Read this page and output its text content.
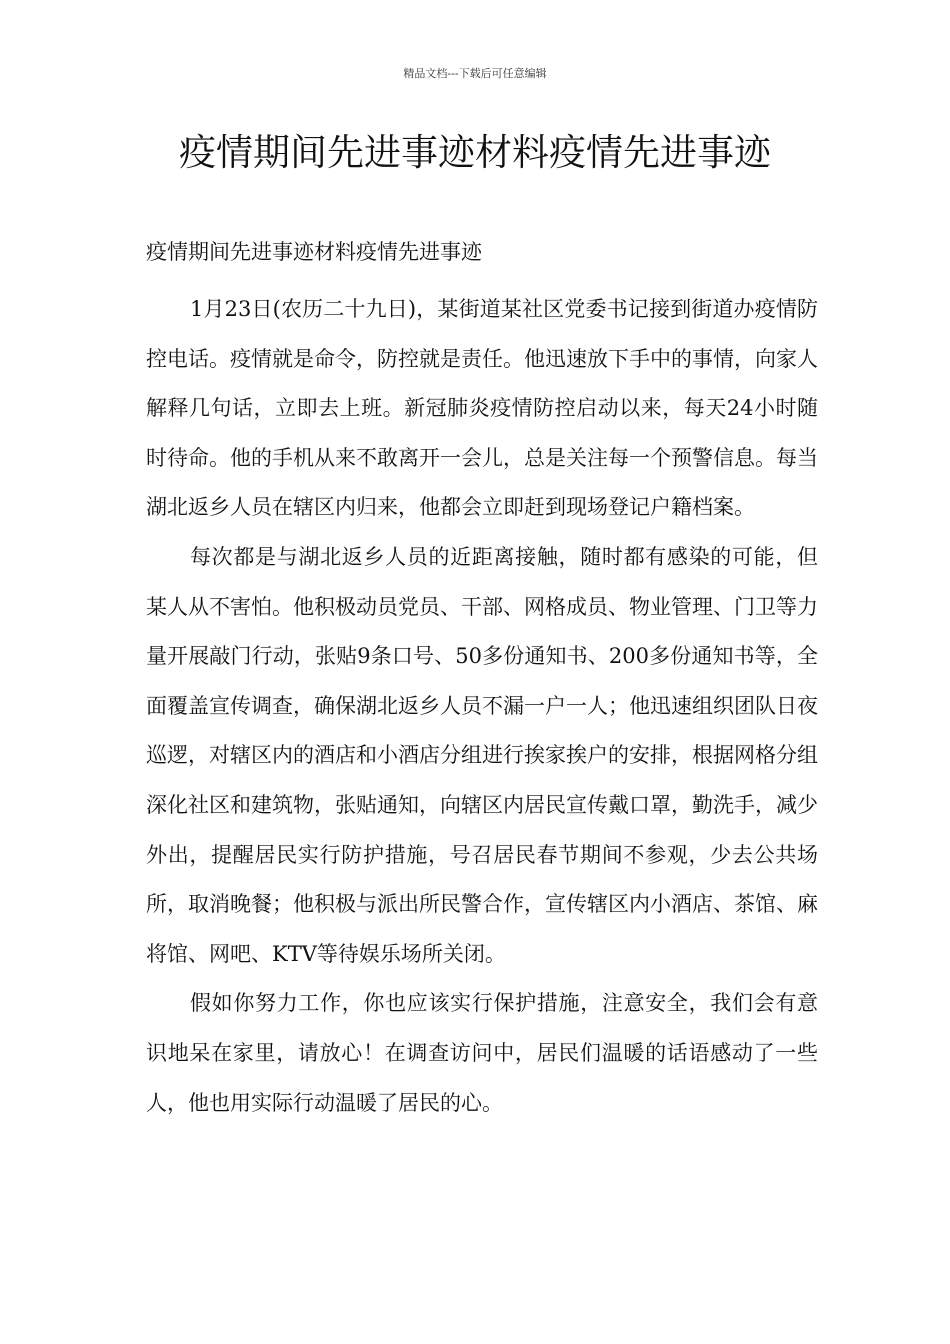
精品文档---下载后可任意编辑
疫情期间先进事迹材料疫情先进事迹

疫情期间先进事迹材料疫情先进事迹

1月23日(农历二十九日)，某街道某社区党委书记接到街道办疫情防控电话。疫情就是命令，防控就是责任。他迅速放下手中的事情，向家人解释几句话，立即去上班。新冠肺炎疫情防控启动以来，每天24小时随时待命。他的手机从来不敢离开一会儿，总是关注每一个预警信息。每当湖北返乡人员在辖区内归来，他都会立即赶到现场登记户籍档案。

每次都是与湖北返乡人员的近距离接触，随时都有感染的可能，但某人从不害怕。他积极动员党员、干部、网格成员、物业管理、门卫等力量开展敲门行动，张贴9条口号、50多份通知书、200多份通知书等，全面覆盖宣传调查，确保湖北返乡人员不漏一户一人；他迅速组织团队日夜巡逻，对辖区内的酒店和小酒店分组进行挨家挨户的安排，根据网格分组深化社区和建筑物，张贴通知，向辖区内居民宣传戴口罩，勤洗手，减少外出，提醒居民实行防护措施，号召居民春节期间不参观，少去公共场所，取消晚餐；他积极与派出所民警合作，宣传辖区内小酒店、茶馆、麻将馆、网吧、KTV等待娱乐场所关闭。

假如你努力工作，你也应该实行保护措施，注意安全，我们会有意识地呆在家里，请放心！在调查访问中，居民们温暖的话语感动了一些人，他也用实际行动温暖了居民的心。
